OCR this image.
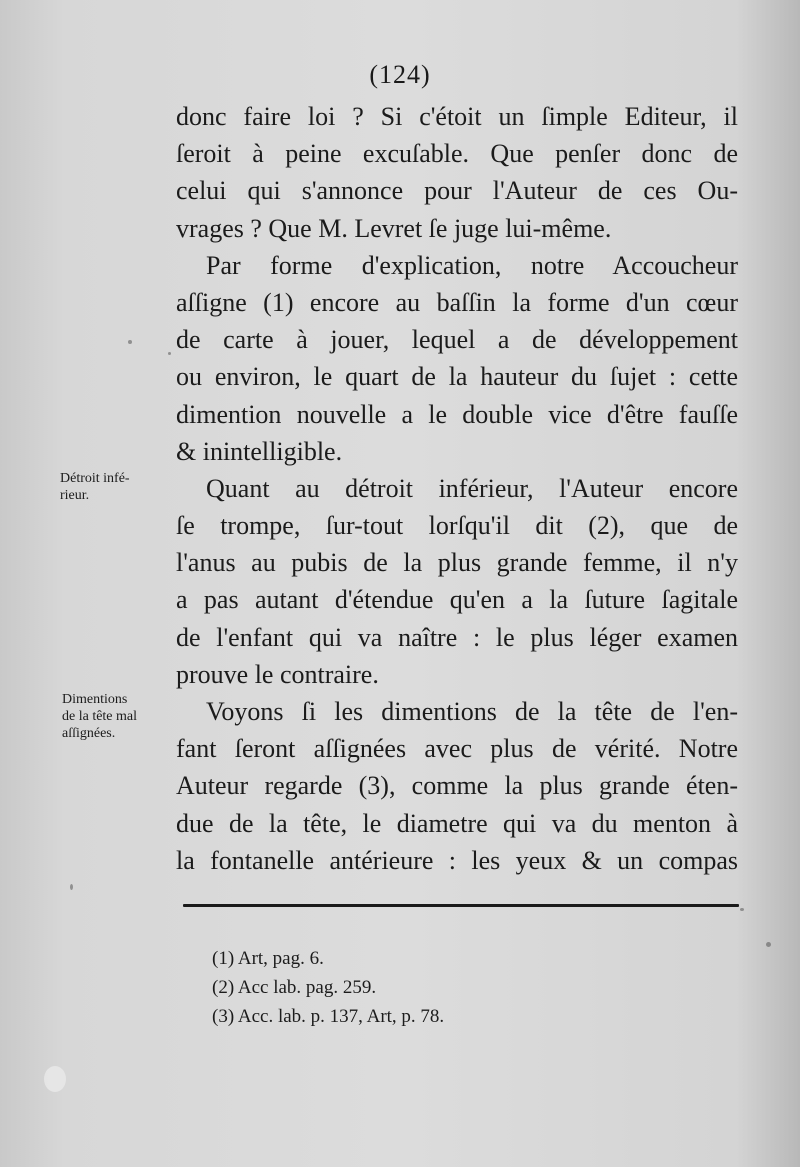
(124)
donc faire loi ? Si c'étoit un ſimple Editeur, il
ſeroit à peine excuſable. Que penſer donc de
celui qui s'annonce pour l'Auteur de ces Ou-
vrages ? Que M. Levret ſe juge lui-même.
Par forme d'explication, notre Accoucheur
aſſigne (1) encore au baſſin la forme d'un cœur
de carte à jouer, lequel a de développement
ou environ, le quart de la hauteur du ſujet : cette
dimention nouvelle a le double vice d'être fauſſe
& inintelligible.
Quant au détroit inférieur, l'Auteur encore
ſe trompe, ſur-tout lorſqu'il dit (2), que de
l'anus au pubis de la plus grande femme, il n'y
a pas autant d'étendue qu'en a la ſuture ſagitale
de l'enfant qui va naître : le plus léger examen
prouve le contraire.
Voyons ſi les dimentions de la tête de l'en-
fant ſeront aſſignées avec plus de vérité. Notre
Auteur regarde (3), comme la plus grande éten-
due de la tête, le diametre qui va du menton à
la fontanelle antérieure : les yeux & un compas
Détroit infé-
rieur.
Dimentions
de la tête mal
aſſignées.
(1) Art, pag. 6.
(2) Acc lab. pag. 259.
(3) Acc. lab. p. 137, Art, p. 78.
